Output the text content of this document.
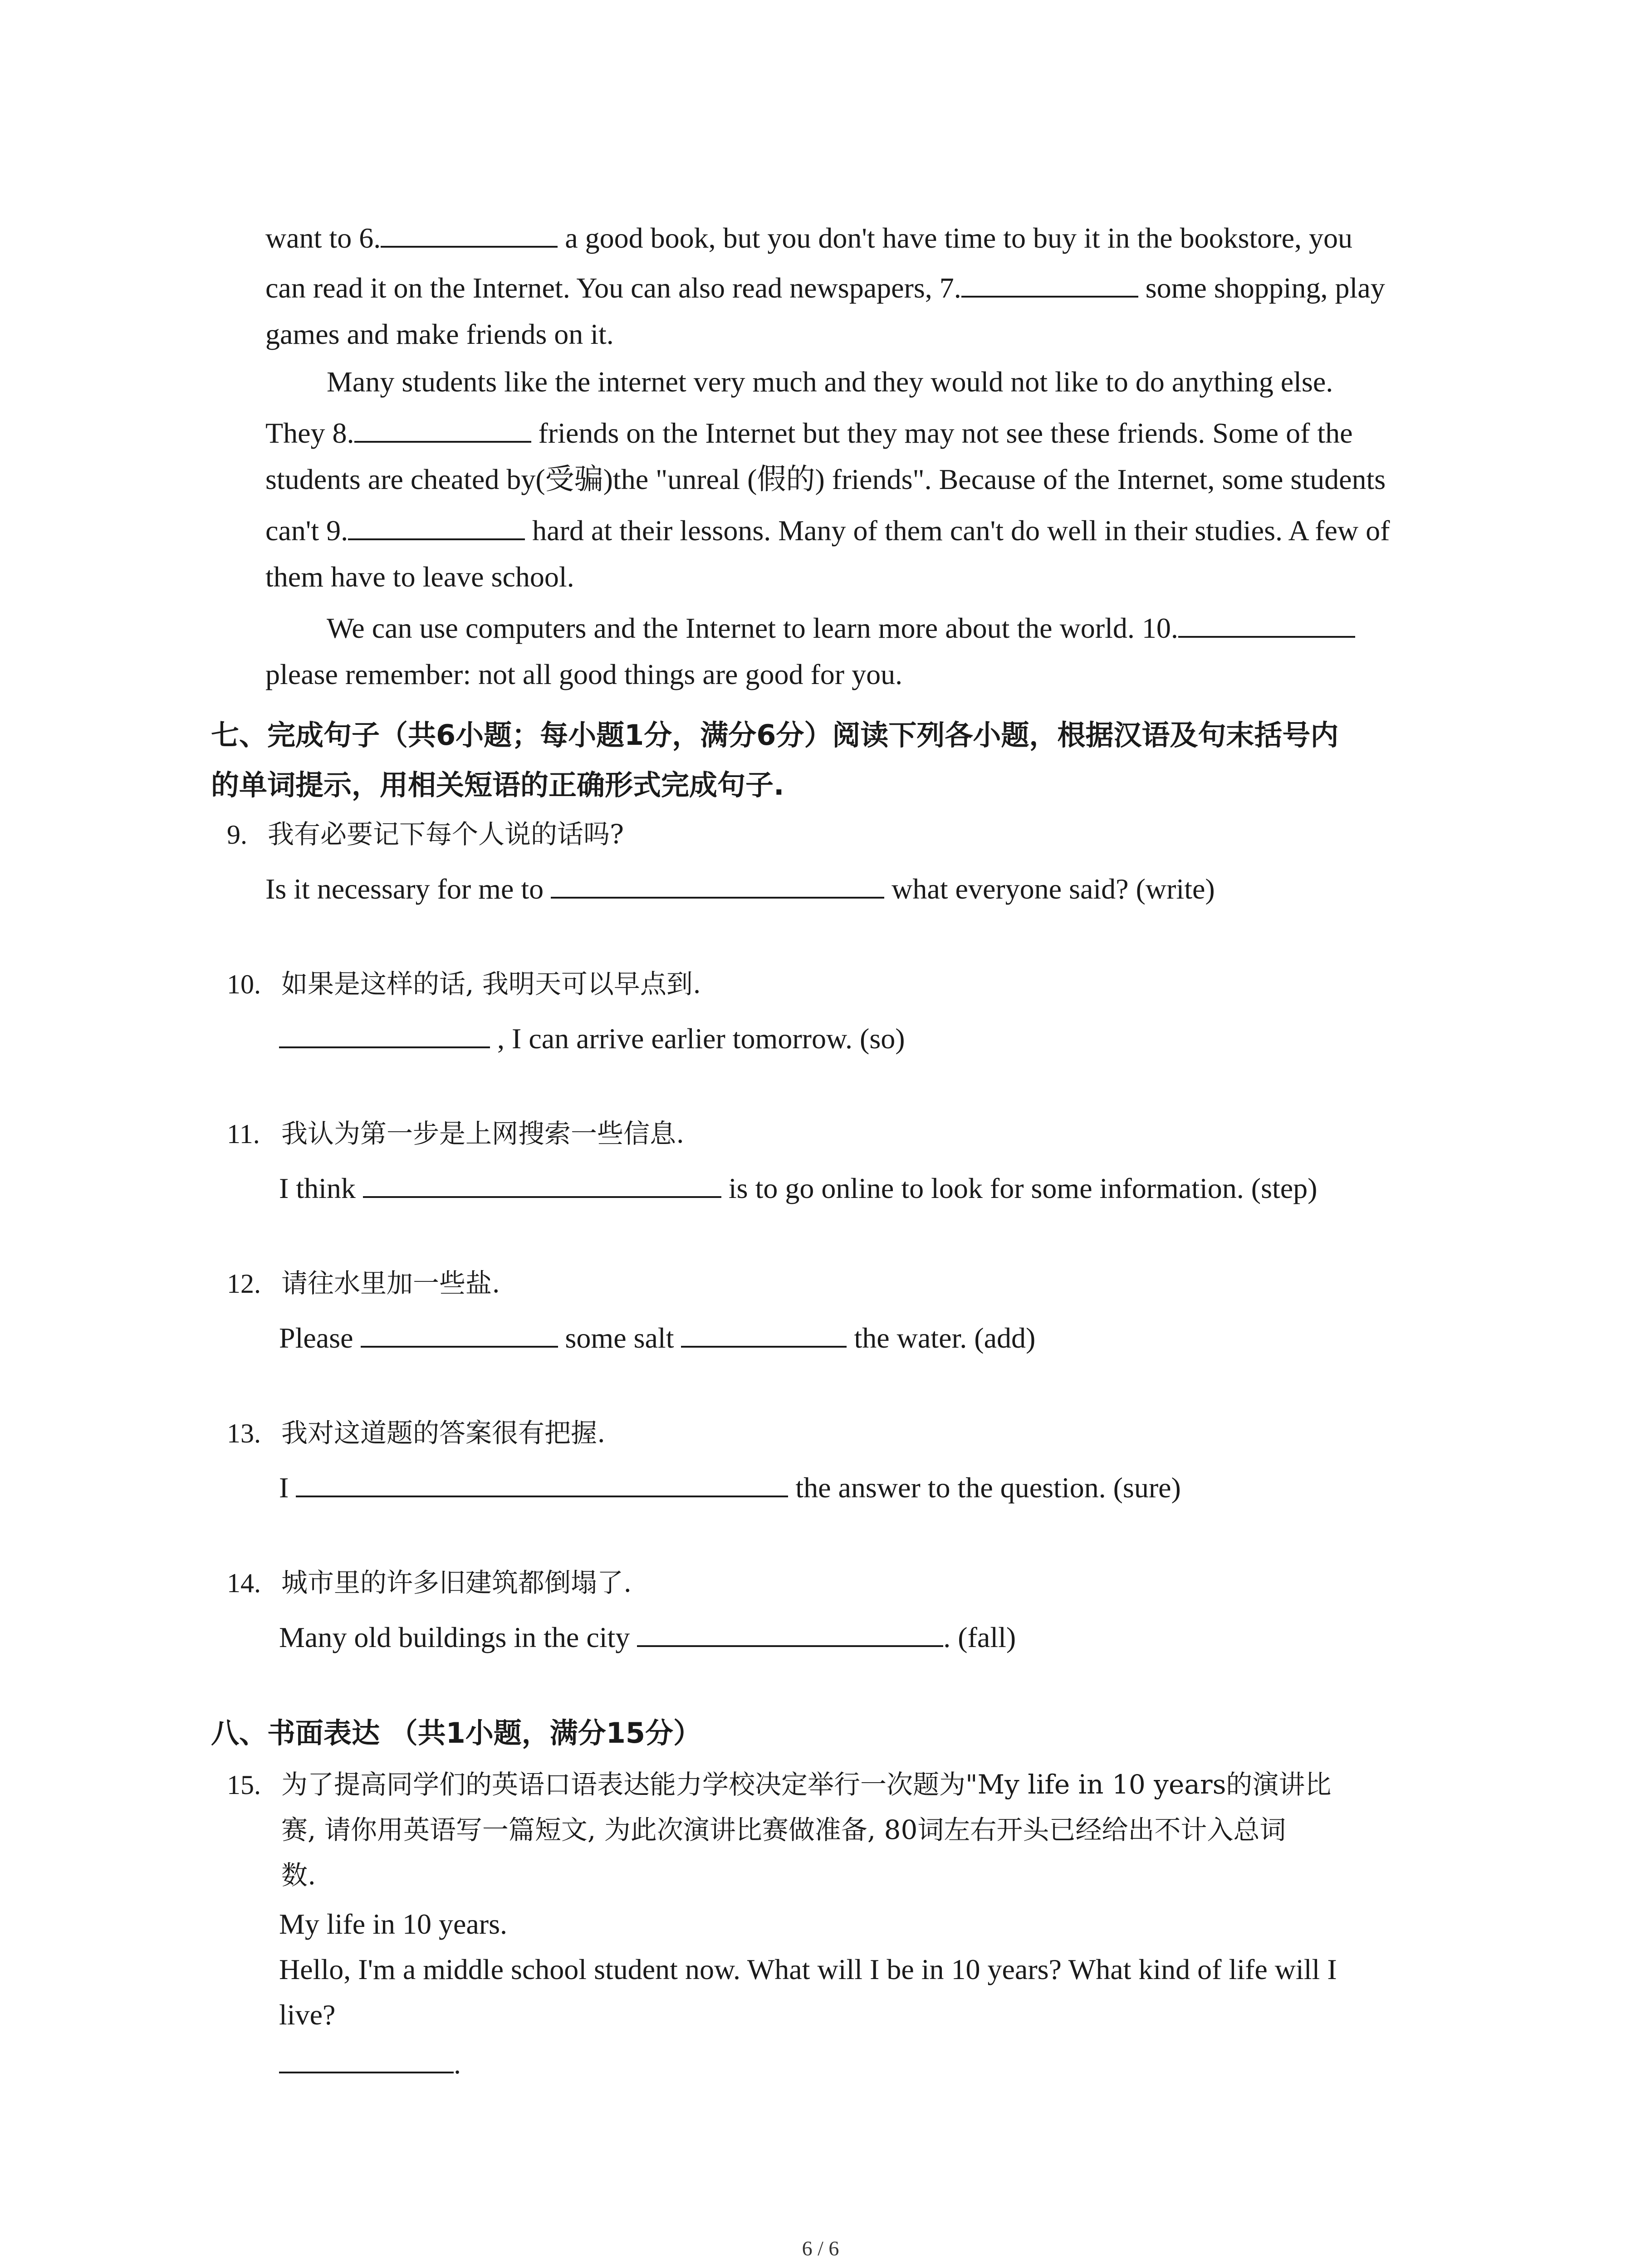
want to 6.	a good book, but you don't have time to buy it in the bookstore, you
can read it on the Internet. You can also read newspapers, 7.	some shopping, play
games and make friends on it.
Many students like the internet very much and they would not like to do anything else.
They 8.	friends on the Internet but they may not see these friends. Some of the
students are cheated by(受骗)the "unreal (假的) friends". Because of the Internet, some students
can't 9.	hard at their lessons. Many of them can't do well in their studies. A few of
them have to leave school.
We can use computers and the Internet to learn more about the world. 10.
please remember: not all good things are good for you.
七、完成句子（共6小题；每小题1分，满分6分）阅读下列各小题，根据汉语及句末括号内
的单词提示，用相关短语的正确形式完成句子.
9. 我有必要记下每个人说的话吗?
Is it necessary for me to	what everyone said? (write)
10. 如果是这样的话, 我明天可以早点到.
, I can arrive earlier tomorrow. (so)
11. 我认为第一步是上网搜索一些信息.
I think	is to go online to look for some information. (step)
12. 请往水里加一些盐.
Please	some salt	the water. (add)
13. 我对这道题的答案很有把握.
I	the answer to the question. (sure)
14. 城市里的许多旧建筑都倒塌了.
Many old buildings in the city	. (fall)
八、书面表达 （共1小题，满分15分）
15. 为了提高同学们的英语口语表达能力学校决定举行一次题为"My life in 10 years的演讲比
赛, 请你用英语写一篇短文, 为此次演讲比赛做准备, 80词左右开头已经给出不计入总词
数.
My life in 10 years.
Hello, I'm a middle school student now. What will I be in 10 years? What kind of life will I
live?
.
6 / 6
